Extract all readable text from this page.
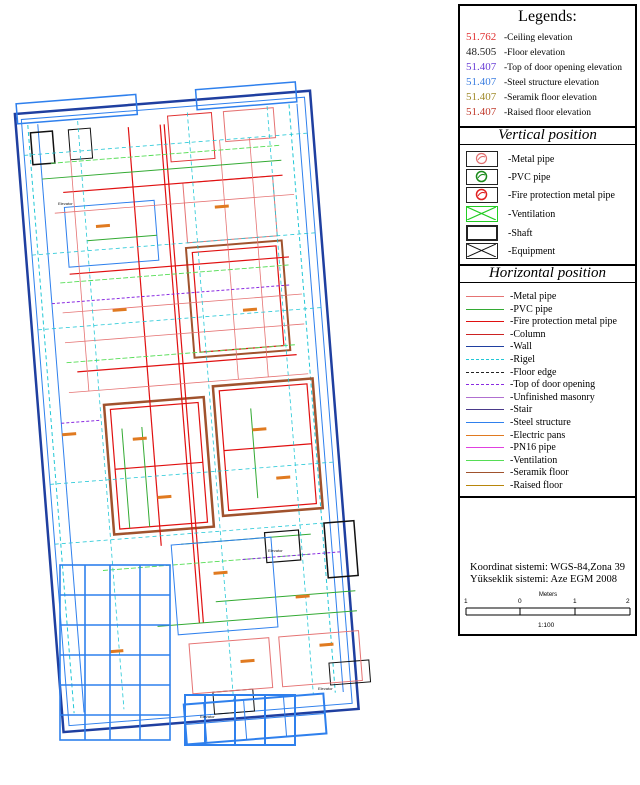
Elevator
Elevator
Elevator
Elevator
Legends:
51.762 -Ceiling elevation
48.505 -Floor elevation
51.407 -Top of door opening elevation
51.407 -Steel structure elevation
51.407 -Seramik floor elevation
51.407 -Raised floor elevation
Vertical position
-Metal pipe
-PVC pipe
-Fire protection metal pipe
-Ventilation
-Shaft
-Equipment
Horizontal position
-Metal pipe
-PVC pipe
-Fire protection metal pipe
-Column
-Wall
-Rigel
-Floor edge
-Top of door opening
-Unfinished masonry
-Stair
-Steel structure
-Electric pans
-PN16 pipe
-Ventilation
-Seramik floor
-Raised floor
Koordinat sistemi: WGS-84,Zona 39
Yükseklik sistemi: Aze EGM 2008
Meters
1	0	1	2
1:100
